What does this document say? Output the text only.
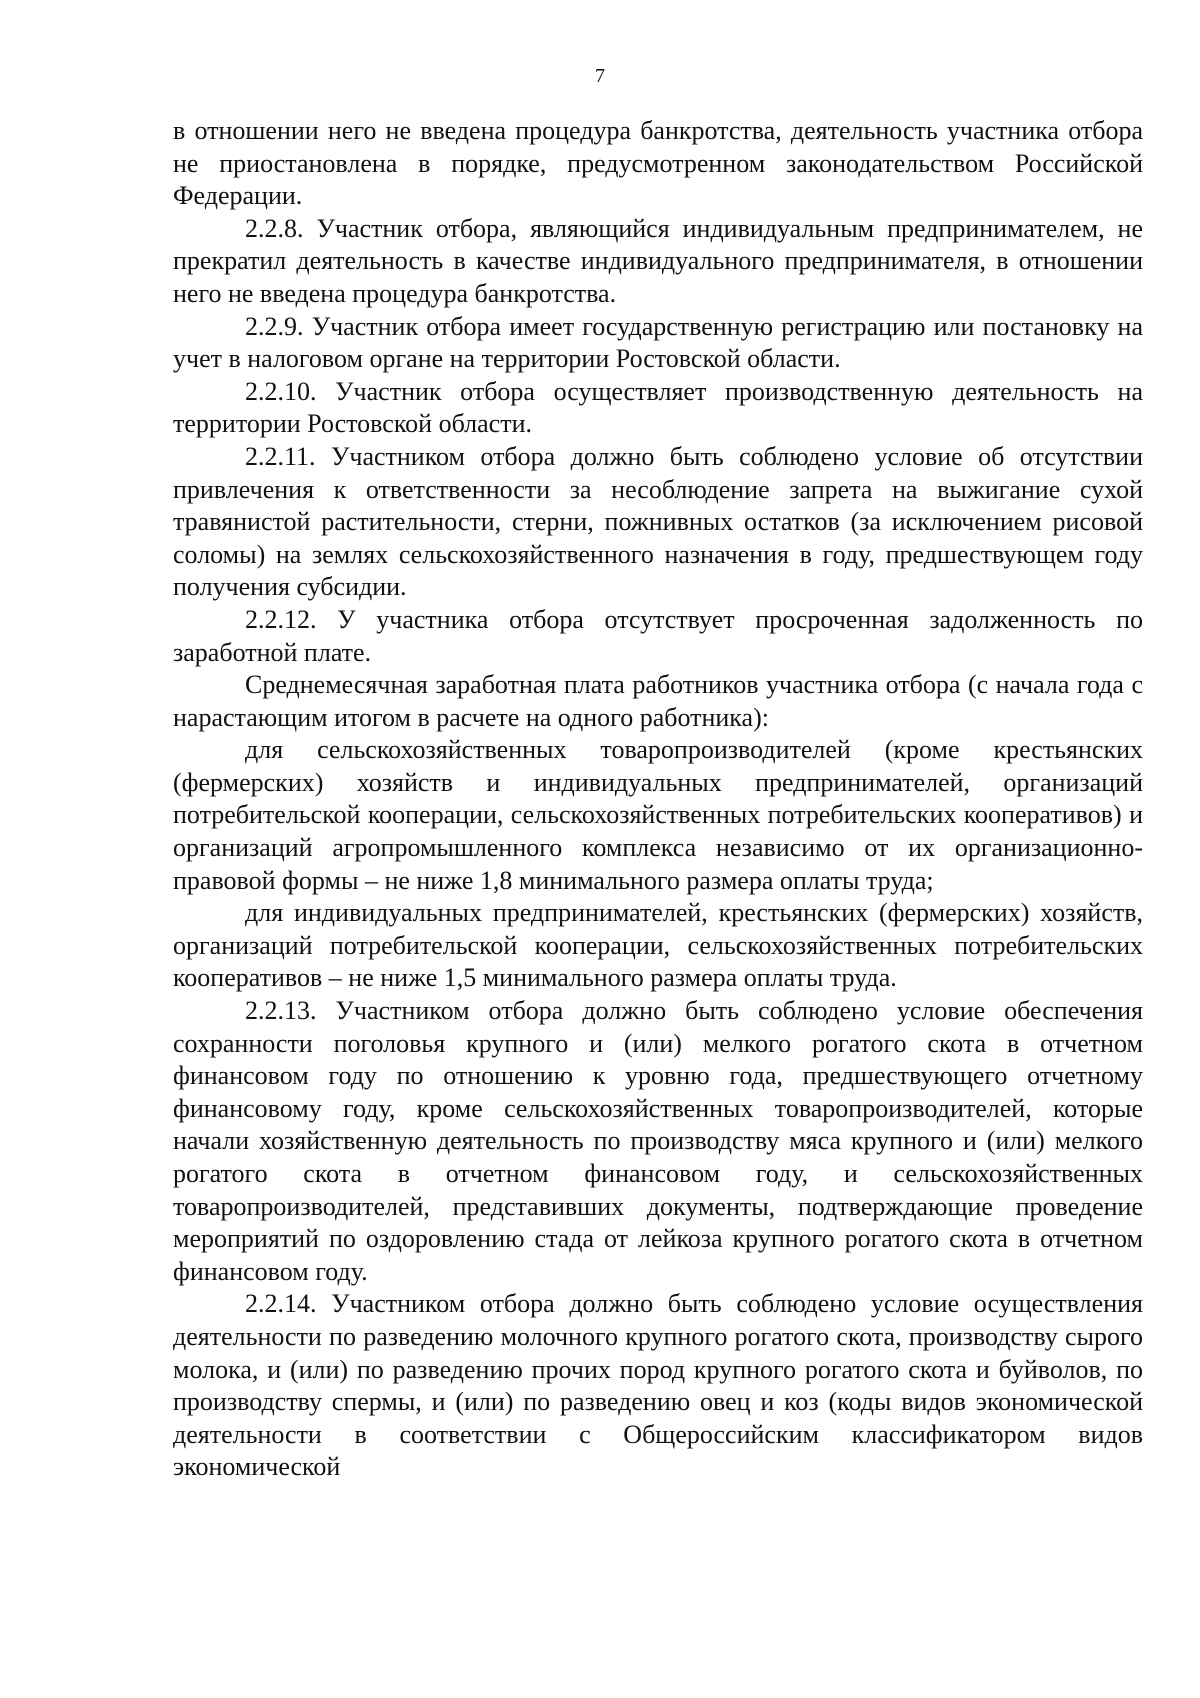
7

в отношении него не введена процедура банкротства, деятельность участника отбора не приостановлена в порядке, предусмотренном законодательством Российской Федерации.

2.2.8. Участник отбора, являющийся индивидуальным предпринимателем, не прекратил деятельность в качестве индивидуального предпринимателя, в отношении него не введена процедура банкротства.

2.2.9. Участник отбора имеет государственную регистрацию или постановку на учет в налоговом органе на территории Ростовской области.

2.2.10. Участник отбора осуществляет производственную деятельность на территории Ростовской области.

2.2.11. Участником отбора должно быть соблюдено условие об отсутствии привлечения к ответственности за несоблюдение запрета на выжигание сухой травянистой растительности, стерни, пожнивных остатков (за исключением рисовой соломы) на землях сельскохозяйственного назначения в году, предшествующем году получения субсидии.

2.2.12. У участника отбора отсутствует просроченная задолженность по заработной плате.

Среднемесячная заработная плата работников участника отбора (с начала года с нарастающим итогом в расчете на одного работника):

для сельскохозяйственных товаропроизводителей (кроме крестьянских (фермерских) хозяйств и индивидуальных предпринимателей, организаций потребительской кооперации, сельскохозяйственных потребительских кооперативов) и организаций агропромышленного комплекса независимо от их организационно-правовой формы – не ниже 1,8 минимального размера оплаты труда;

для индивидуальных предпринимателей, крестьянских (фермерских) хозяйств, организаций потребительской кооперации, сельскохозяйственных потребительских кооперативов – не ниже 1,5 минимального размера оплаты труда.

2.2.13. Участником отбора должно быть соблюдено условие обеспечения сохранности поголовья крупного и (или) мелкого рогатого скота в отчетном финансовом году по отношению к уровню года, предшествующего отчетному финансовому году, кроме сельскохозяйственных товаропроизводителей, которые начали хозяйственную деятельность по производству мяса крупного и (или) мелкого рогатого скота в отчетном финансовом году, и сельскохозяйственных товаропроизводителей, представивших документы, подтверждающие проведение мероприятий по оздоровлению стада от лейкоза крупного рогатого скота в отчетном финансовом году.

2.2.14. Участником отбора должно быть соблюдено условие осуществления деятельности по разведению молочного крупного рогатого скота, производству сырого молока, и (или) по разведению прочих пород крупного рогатого скота и буйволов, по производству спермы, и (или) по разведению овец и коз (коды видов экономической деятельности в соответствии с Общероссийским классификатором видов экономической
